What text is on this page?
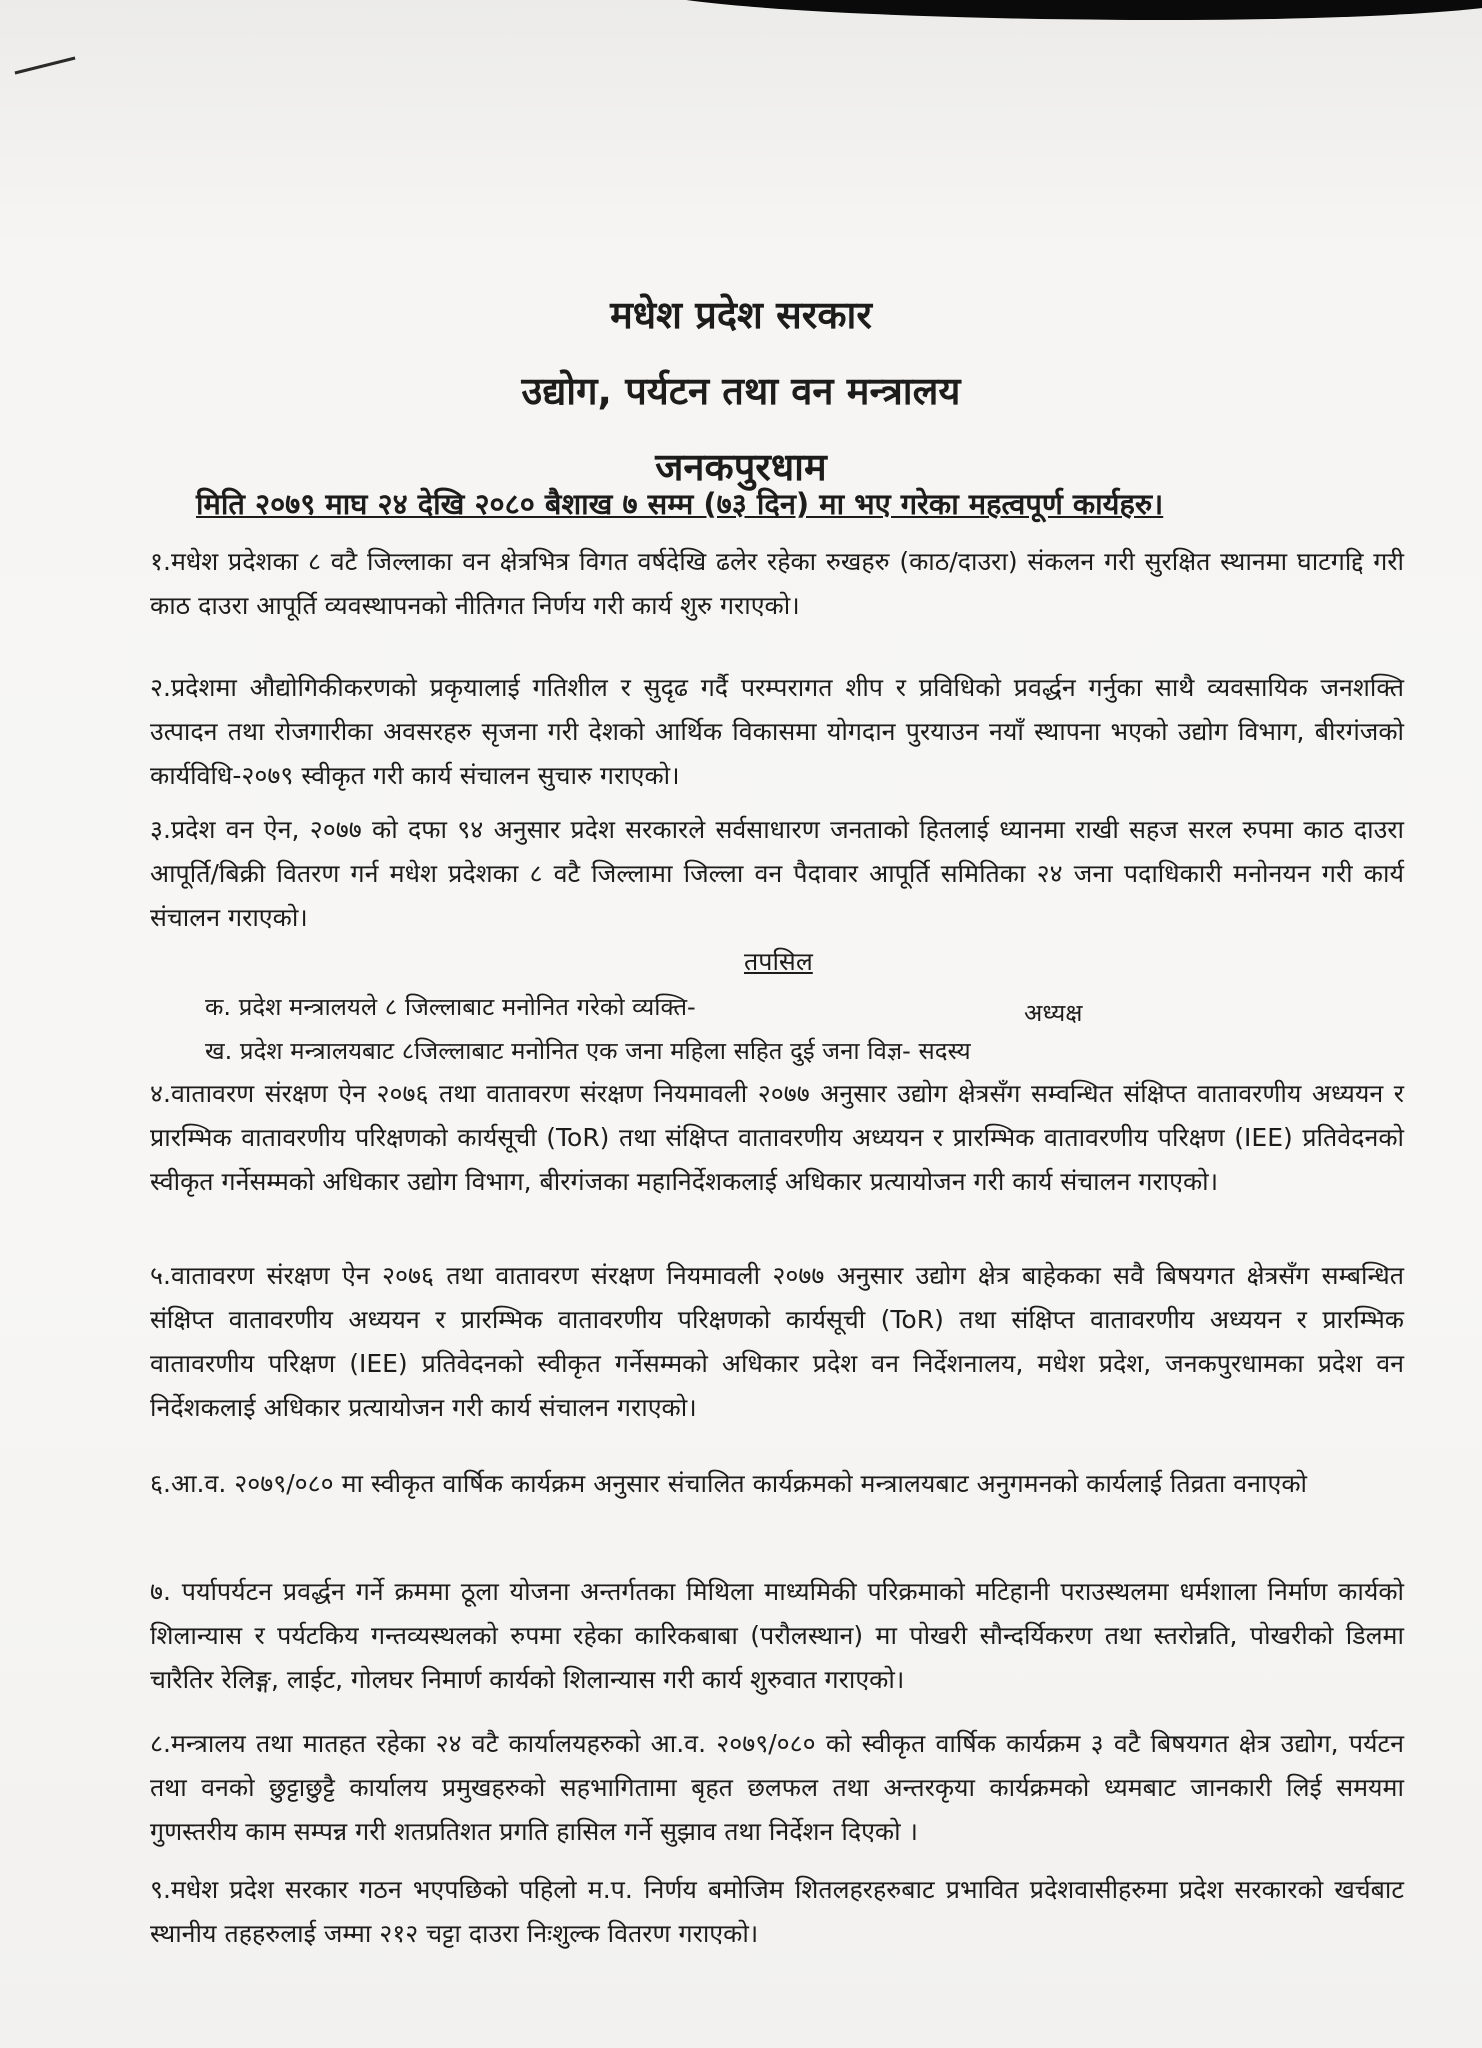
मधेश प्रदेश सरकार
उद्योग, पर्यटन तथा वन मन्त्रालय
जनकपुरधाम
मिति २०७९ माघ २४ देखि २०८० बैशाख ७ सम्म (७३ दिन) मा भए गरेका महत्वपूर्ण कार्यहरु।
१.मधेश प्रदेशका ८ वटै जिल्लाका वन क्षेत्रभित्र विगत वर्षदेखि ढलेर रहेका रुखहरु (काठ/दाउरा) संकलन गरी सुरक्षित स्थानमा घाटगद्दि गरी काठ दाउरा आपूर्ति व्यवस्थापनको नीतिगत निर्णय गरी कार्य शुरु गराएको।
२.प्रदेशमा औद्योगिकीकरणको प्रकृयालाई गतिशील र सुदृढ गर्दै परम्परागत शीप र प्रविधिको प्रवर्द्धन गर्नुका साथै व्यवसायिक जनशक्ति उत्पादन तथा रोजगारीका अवसरहरु सृजना गरी देशको आर्थिक विकासमा योगदान पुरयाउन नयाँ स्थापना भएको उद्योग विभाग, बीरगंजको कार्यविधि-२०७९ स्वीकृत गरी कार्य संचालन सुचारु गराएको।
३.प्रदेश वन ऐन, २०७७ को दफा ९४ अनुसार प्रदेश सरकारले सर्वसाधारण जनताको हितलाई ध्यानमा राखी सहज सरल रुपमा काठ दाउरा आपूर्ति/बिक्री वितरण गर्न मधेश प्रदेशका ८ वटै जिल्लामा जिल्ला वन पैदावार आपूर्ति समितिका २४ जना पदाधिकारी मनोनयन गरी कार्य संचालन गराएको।
तपसिल
क. प्रदेश मन्त्रालयले ८ जिल्लाबाट मनोनित गरेको व्यक्ति-	अध्यक्ष
ख. प्रदेश मन्त्रालयबाट ८जिल्लाबाट मनोनित एक जना महिला सहित दुई जना विज्ञ- सदस्य
४.वातावरण संरक्षण ऐन २०७६ तथा वातावरण संरक्षण नियमावली २०७७ अनुसार उद्योग क्षेत्रसँग सम्वन्धित संक्षिप्त वातावरणीय अध्ययन र प्रारम्भिक वातावरणीय परिक्षणको कार्यसूची (ToR) तथा संक्षिप्त वातावरणीय अध्ययन र प्रारम्भिक वातावरणीय परिक्षण (IEE) प्रतिवेदनको स्वीकृत गर्नेसम्मको अधिकार उद्योग विभाग, बीरगंजका महानिर्देशकलाई अधिकार प्रत्यायोजन गरी कार्य संचालन गराएको।
५.वातावरण संरक्षण ऐन २०७६ तथा वातावरण संरक्षण नियमावली २०७७ अनुसार उद्योग क्षेत्र बाहेकका सवै बिषयगत क्षेत्रसँग सम्बन्धित संक्षिप्त वातावरणीय अध्ययन र प्रारम्भिक वातावरणीय परिक्षणको कार्यसूची (ToR) तथा संक्षिप्त वातावरणीय अध्ययन र प्रारम्भिक वातावरणीय परिक्षण (IEE) प्रतिवेदनको स्वीकृत गर्नेसम्मको अधिकार प्रदेश वन निर्देशनालय, मधेश प्रदेश, जनकपुरधामका प्रदेश वन निर्देशकलाई अधिकार प्रत्यायोजन गरी कार्य संचालन गराएको।
६.आ.व. २०७९/०८० मा स्वीकृत वार्षिक कार्यक्रम अनुसार संचालित कार्यक्रमको मन्त्रालयबाट अनुगमनको कार्यलाई तिव्रता वनाएको
७. पर्यापर्यटन प्रवर्द्धन गर्ने क्रममा ठूला योजना अन्तर्गतका मिथिला माध्यमिकी परिक्रमाको मटिहानी पराउस्थलमा धर्मशाला निर्माण कार्यको शिलान्यास र पर्यटकिय गन्तव्यस्थलको रुपमा रहेका कारिकबाबा (परौलस्थान) मा पोखरी सौन्दर्यिकरण तथा स्तरोन्नति, पोखरीको डिलमा चारैतिर रेलिङ्ग, लाईट, गोलघर निमार्ण कार्यको शिलान्यास गरी कार्य शुरुवात गराएको।
८.मन्त्रालय तथा मातहत रहेका २४ वटै कार्यालयहरुको आ.व. २०७९/०८० को स्वीकृत वार्षिक कार्यक्रम ३ वटै बिषयगत क्षेत्र उद्योग, पर्यटन तथा वनको छुट्टाछुट्टै कार्यालय प्रमुखहरुको सहभागितामा बृहत छलफल तथा अन्तरकृया कार्यक्रमको ध्यमबाट जानकारी लिई समयमा गुणस्तरीय काम सम्पन्न गरी शतप्रतिशत प्रगति हासिल गर्ने सुझाव तथा निर्देशन दिएको ।
९.मधेश प्रदेश सरकार गठन भएपछिको पहिलो म.प. निर्णय बमोजिम शितलहरहरुबाट प्रभावित प्रदेशवासीहरुमा प्रदेश सरकारको खर्चबाट स्थानीय तहहरुलाई जम्मा २१२ चट्टा दाउरा निःशुल्क वितरण गराएको।
